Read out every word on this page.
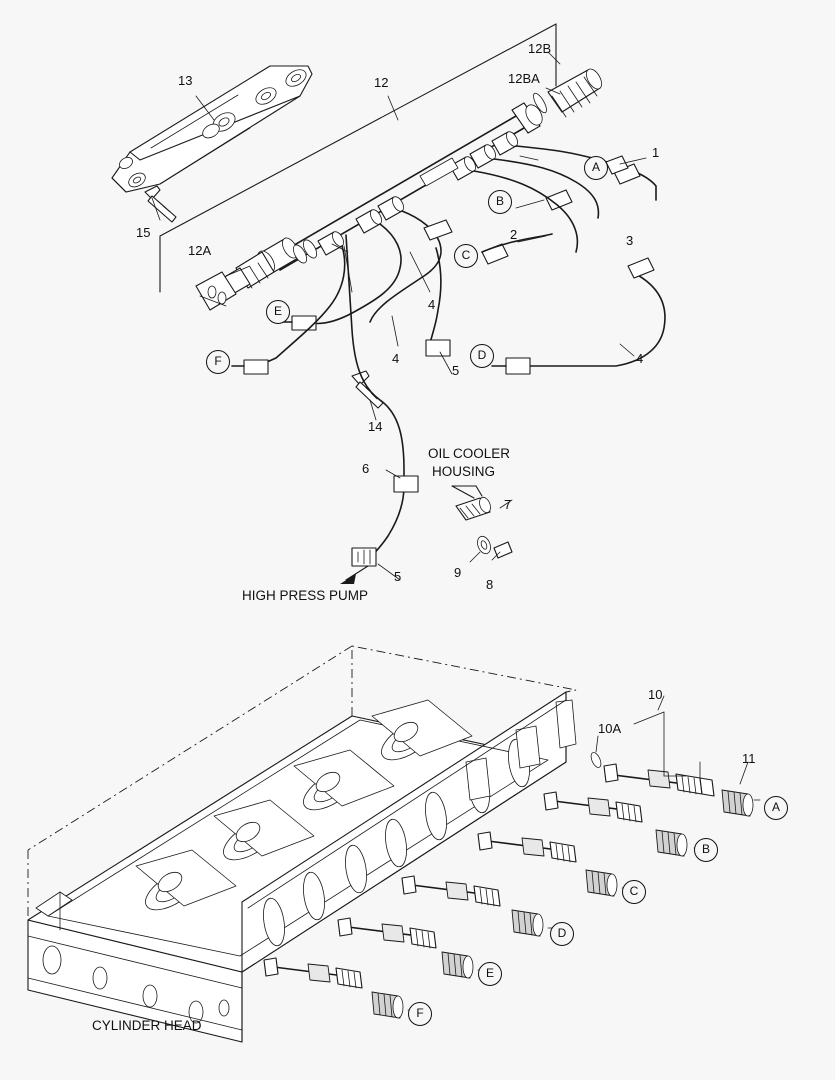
13	12
12B
12BA
12A
15
14
1
2	3
4
4	4
5
5
6
7
8
9
OIL COOLER
HOUSING
HIGH PRESS PUMP
A
B
C
D
E
F
10
10A
11
CYLINDER HEAD
A
B
C
D
E
F
